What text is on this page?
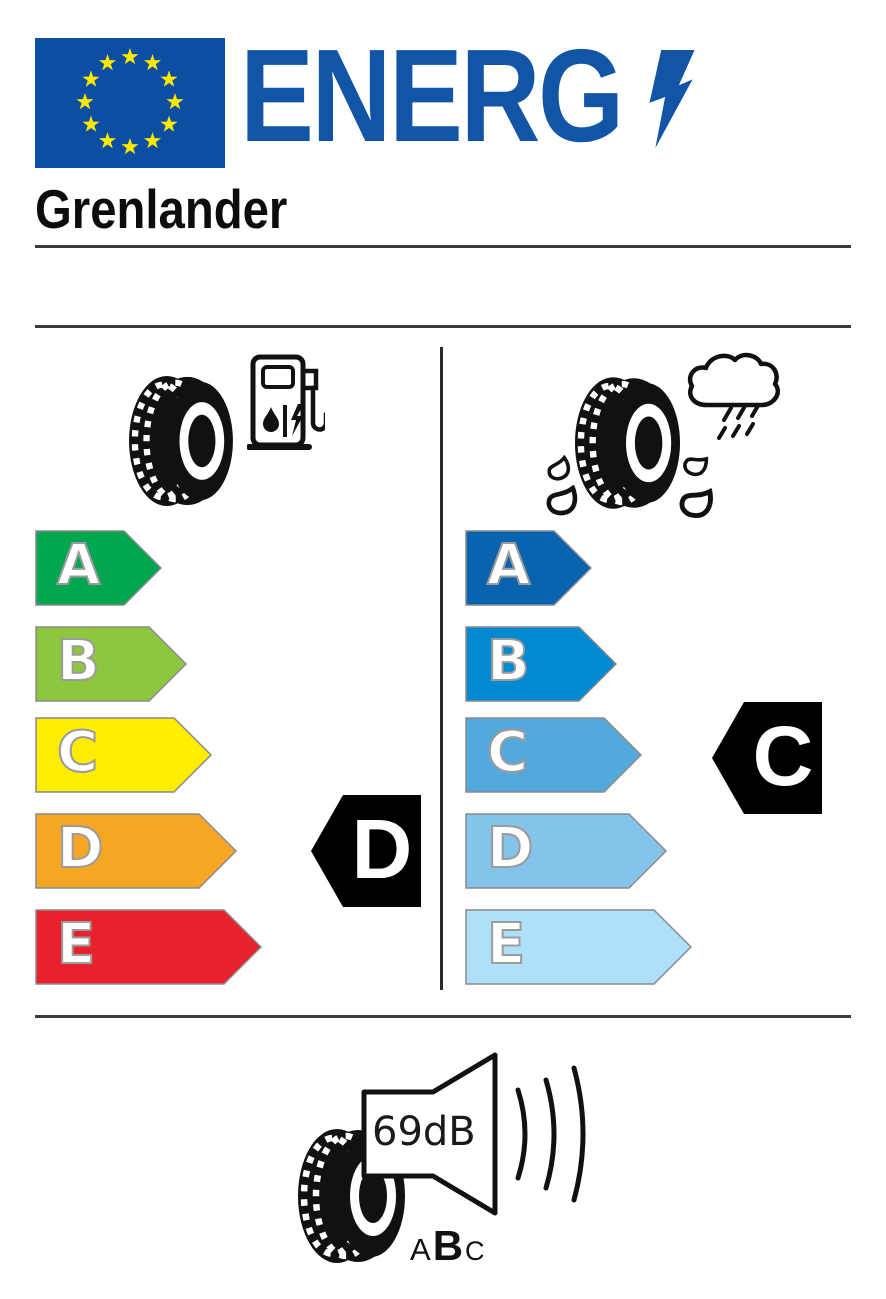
ENERG
Grenlander
A
B
C
D
E
A
B
C
D
E
D
C
69dB
A B C
